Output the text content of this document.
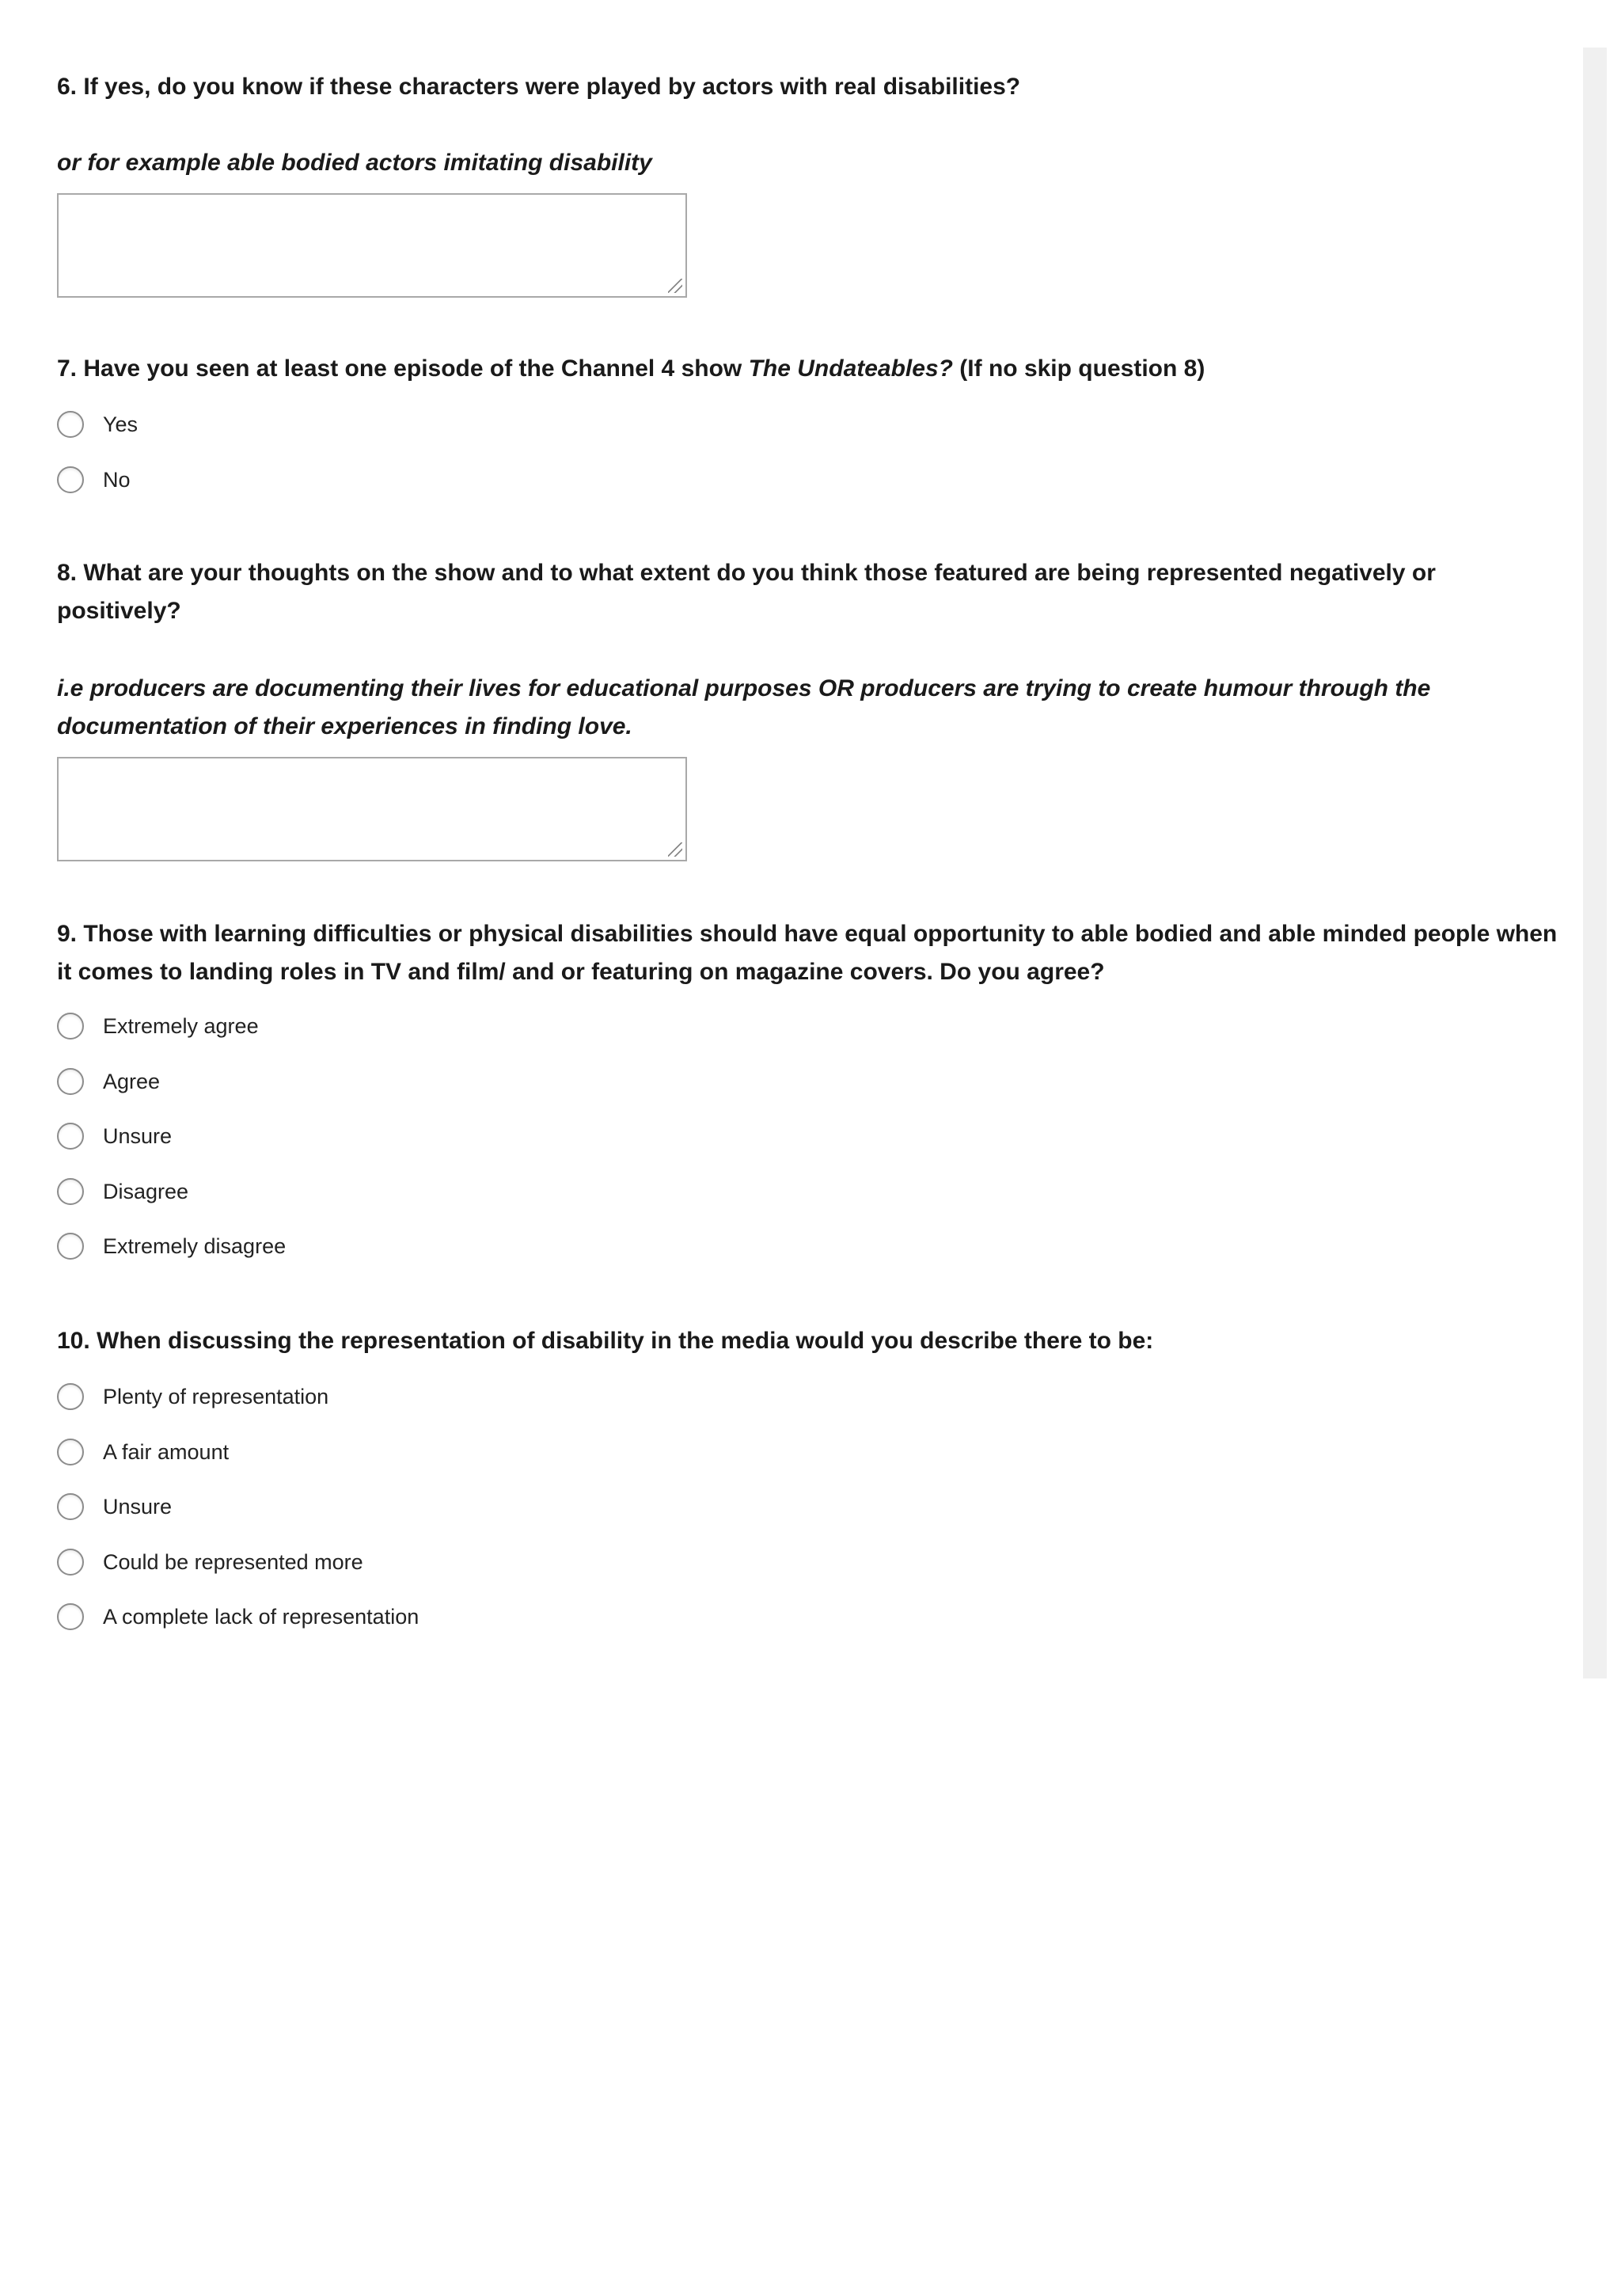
6. If yes, do you know if these characters were played by actors with real disabilities?
or for example able bodied actors imitating disability
7. Have you seen at least one episode of the Channel 4 show The Undateables? (If no skip question 8)
Yes
No
8. What are your thoughts on the show and to what extent do you think those featured are being represented negatively or positively?
i.e producers are documenting their lives for educational purposes OR producers are trying to create humour through the documentation of their experiences in finding love.
9. Those with learning difficulties or physical disabilities should have equal opportunity to able bodied and able minded people when it comes to landing roles in TV and film/ and or featuring on magazine covers. Do you agree?
Extremely agree
Agree
Unsure
Disagree
Extremely disagree
10. When discussing the representation of disability in the media would you describe there to be:
Plenty of representation
A fair amount
Unsure
Could be represented more
A complete lack of representation
